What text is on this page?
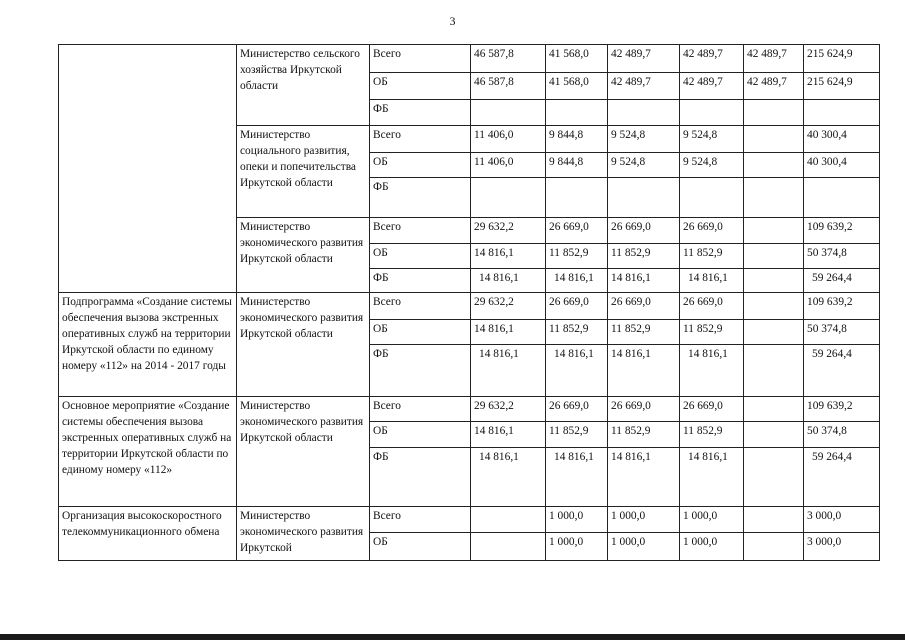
3
	Министерство сельского хозяйства Иркутской области	Всего	46 587,8	41 568,0	42 489,7	42 489,7	42 489,7	215 624,9
		ОБ	46 587,8	41 568,0	42 489,7	42 489,7	42 489,7	215 624,9
		ФБ						
	Министерство социального развития, опеки и попечительства Иркутской области	Всего	11 406,0	9 844,8	9 524,8	9 524,8		40 300,4
		ОБ	11 406,0	9 844,8	9 524,8	9 524,8		40 300,4
		ФБ						
	Министерство экономического развития Иркутской области	Всего	29 632,2	26 669,0	26 669,0	26 669,0		109 639,2
		ОБ	14 816,1	11 852,9	11 852,9	11 852,9		50 374,8
		ФБ	14 816,1	14 816,1	14 816,1	14 816,1		59 264,4
Подпрограмма «Создание системы обеспечения вызова экстренных оперативных служб на территории Иркутской области по единому номеру «112» на 2014 - 2017 годы	Министерство экономического развития Иркутской области	Всего	29 632,2	26 669,0	26 669,0	26 669,0		109 639,2
		ОБ	14 816,1	11 852,9	11 852,9	11 852,9		50 374,8
		ФБ	14 816,1	14 816,1	14 816,1	14 816,1		59 264,4
Основное мероприятие «Создание системы обеспечения вызова экстренных оперативных служб на территории Иркутской области по единому номеру «112»	Министерство экономического развития Иркутской области	Всего	29 632,2	26 669,0	26 669,0	26 669,0		109 639,2
		ОБ	14 816,1	11 852,9	11 852,9	11 852,9		50 374,8
		ФБ	14 816,1	14 816,1	14 816,1	14 816,1		59 264,4
Организация высокоскоростного телекоммуникационного обмена	Министерство экономического развития Иркутской	Всего		1 000,0	1 000,0	1 000,0		3 000,0
		ОБ		1 000,0	1 000,0	1 000,0		3 000,0
